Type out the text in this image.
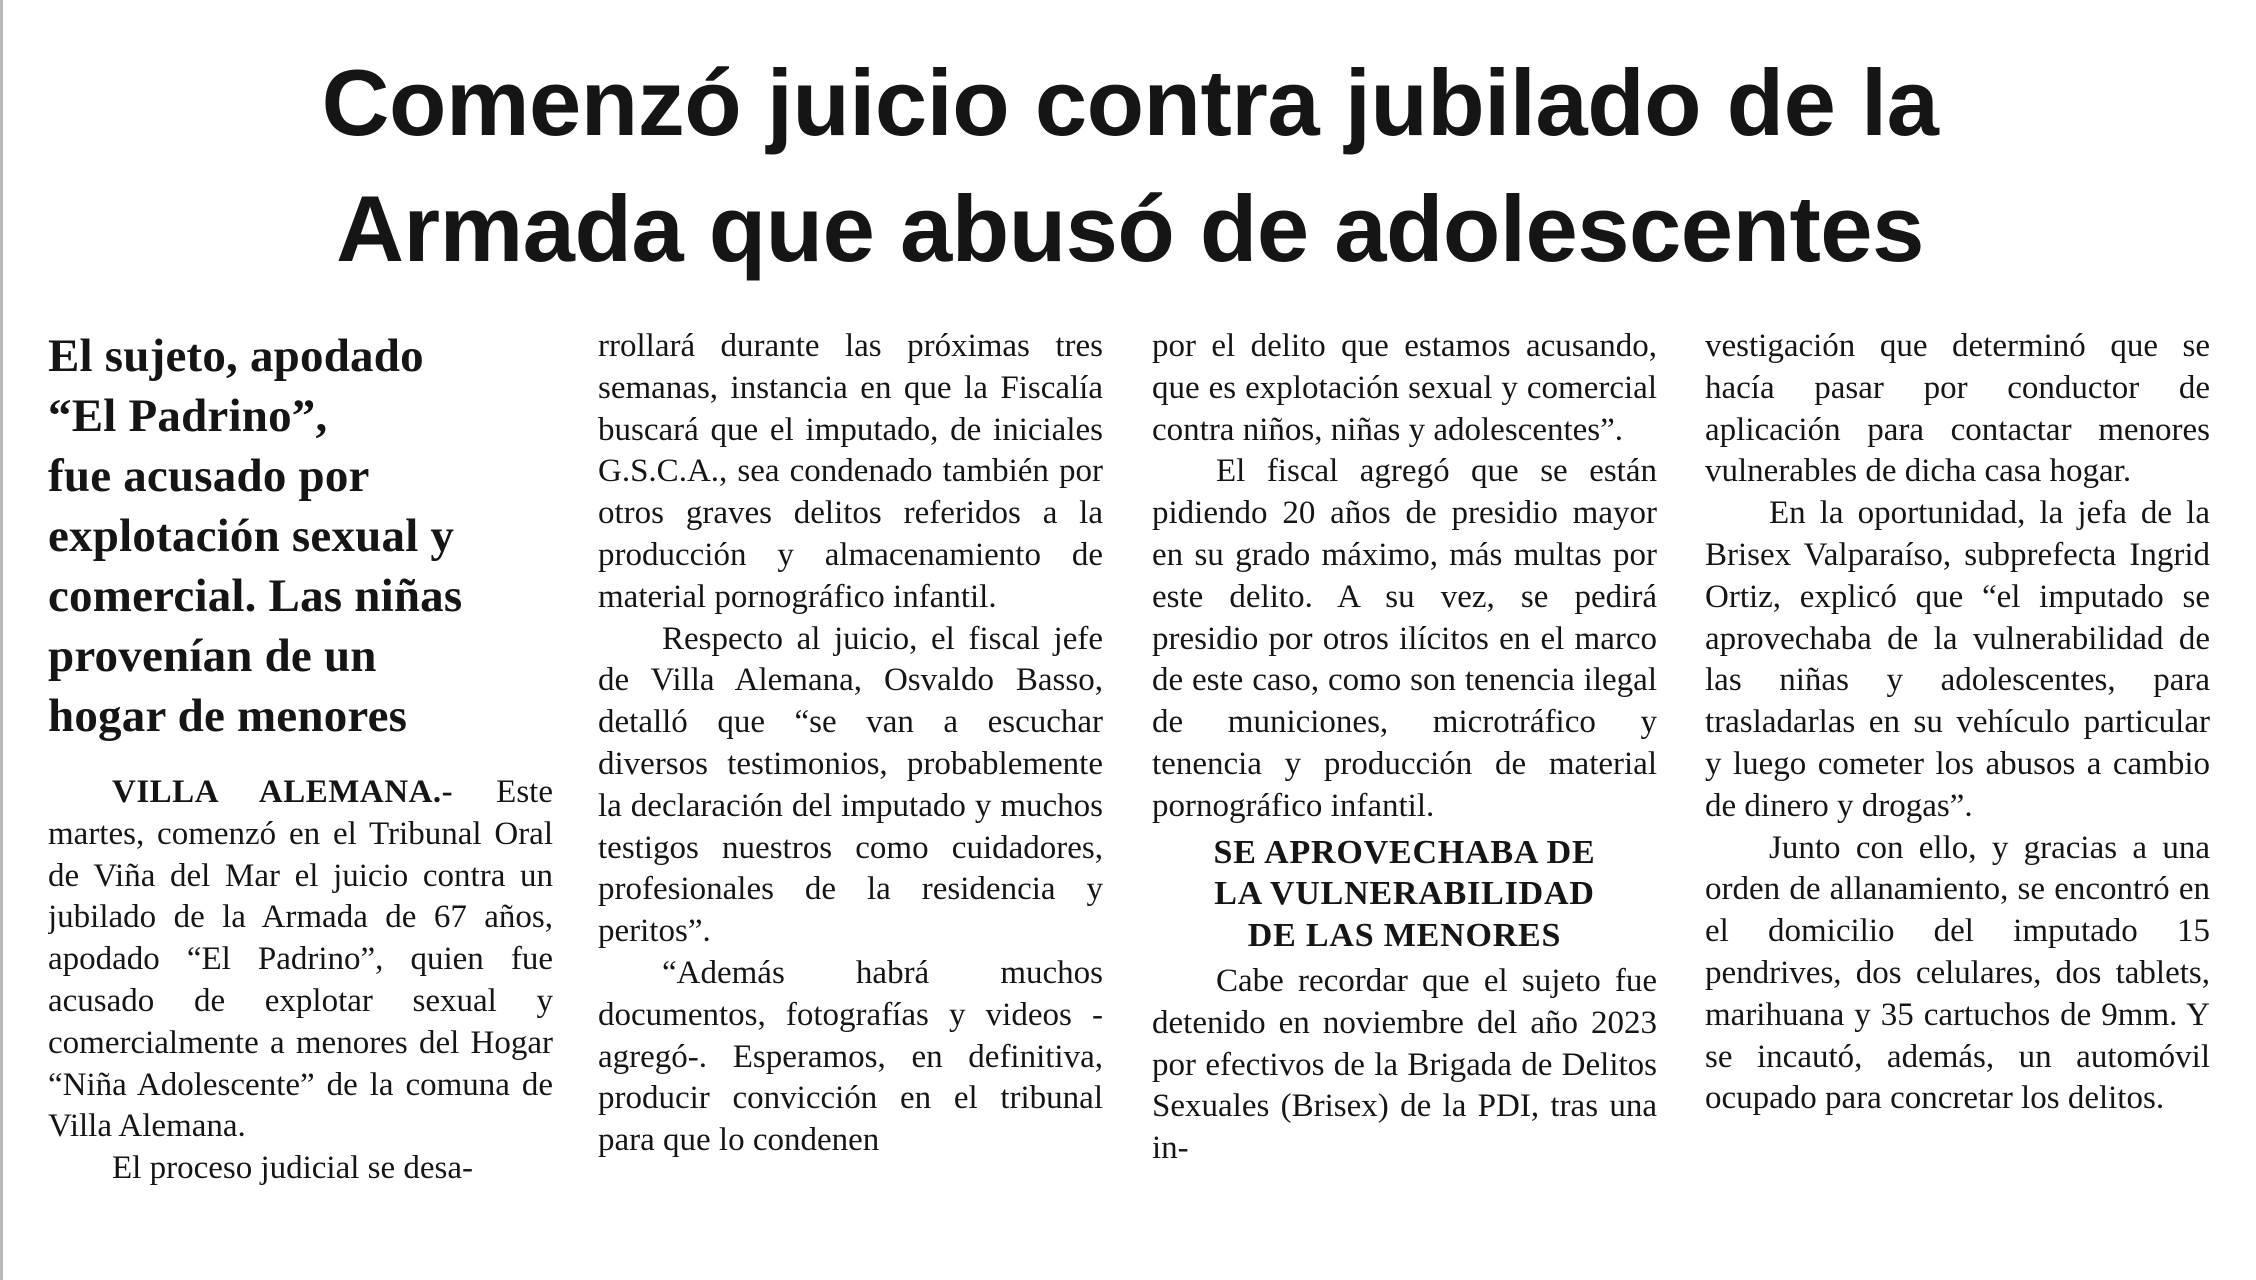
Comenzó juicio contra jubilado de la
Armada que abusó de adolescentes
El sujeto, apodado
“El Padrino”,
fue acusado por
explotación sexual y
comercial. Las niñas
provenían de un
hogar de menores

VILLA ALEMANA.- Este martes, comenzó en el Tribunal Oral de Viña del Mar el juicio contra un jubilado de la Armada de 67 años, apodado “El Padrino”, quien fue acusado de explotar sexual y comercialmente a menores del Hogar “Niña Adolescente” de la comuna de Villa Alemana.

El proceso judicial se desa-

rrollará durante las próximas tres semanas, instancia en que la Fiscalía buscará que el imputado, de iniciales G.S.C.A., sea condenado también por otros graves delitos referidos a la producción y almacenamiento de material pornográfico infantil.

Respecto al juicio, el fiscal jefe de Villa Alemana, Osvaldo Basso, detalló que “se van a escuchar diversos testimonios, probablemente la declaración del imputado y muchos testigos nuestros como cuidadores, profesionales de la residencia y peritos”.

“Además habrá muchos documentos, fotografías y videos -agregó-. Esperamos, en definitiva, producir convicción en el tribunal para que lo condenen

por el delito que estamos acusando, que es explotación sexual y comercial contra niños, niñas y adolescentes”.

El fiscal agregó que se están pidiendo 20 años de presidio mayor en su grado máximo, más multas por este delito. A su vez, se pedirá presidio por otros ilícitos en el marco de este caso, como son tenencia ilegal de municiones, microtráfico y tenencia y producción de material pornográfico infantil.

SE APROVECHABA DE
LA VULNERABILIDAD
DE LAS MENORES

Cabe recordar que el sujeto fue detenido en noviembre del año 2023 por efectivos de la Brigada de Delitos Sexuales (Brisex) de la PDI, tras una in-

vestigación que determinó que se hacía pasar por conductor de aplicación para contactar menores vulnerables de dicha casa hogar.

En la oportunidad, la jefa de la Brisex Valparaíso, subprefecta Ingrid Ortiz, explicó que “el imputado se aprovechaba de la vulnerabilidad de las niñas y adolescentes, para trasladarlas en su vehículo particular y luego cometer los abusos a cambio de dinero y drogas”.

Junto con ello, y gracias a una orden de allanamiento, se encontró en el domicilio del imputado 15 pendrives, dos celulares, dos tablets, marihuana y 35 cartuchos de 9mm. Y se incautó, además, un automóvil ocupado para concretar los delitos.
